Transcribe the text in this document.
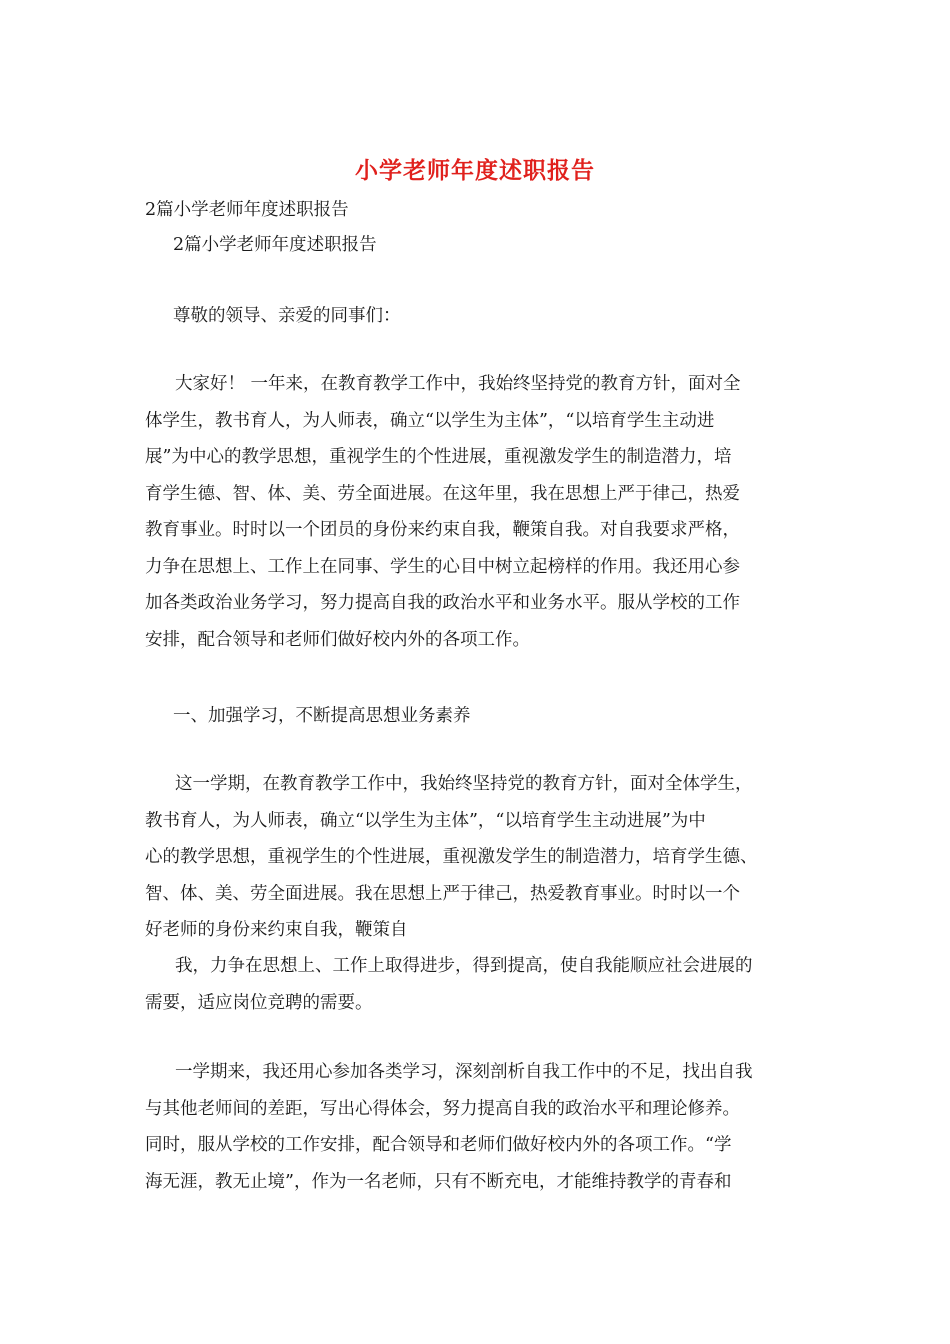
小学老师年度述职报告
2篇小学老师年度述职报告
2篇小学老师年度述职报告
尊敬的领导、亲爱的同事们：
大家好！ 一年来，在教育教学工作中，我始终坚持党的教育方针，面对全
体学生，教书育人，为人师表，确立“以学生为主体”，“以培育学生主动进
展”为中心的教学思想，重视学生的个性进展，重视激发学生的制造潜力，培
育学生德、智、体、美、劳全面进展。在这年里，我在思想上严于律己，热爱
教育事业。时时以一个团员的身份来约束自我，鞭策自我。对自我要求严格，
力争在思想上、工作上在同事、学生的心目中树立起榜样的作用。我还用心参
加各类政治业务学习，努力提高自我的政治水平和业务水平。服从学校的工作
安排，配合领导和老师们做好校内外的各项工作。
一、加强学习，不断提高思想业务素养
这一学期，在教育教学工作中，我始终坚持党的教育方针，面对全体学生，
教书育人，为人师表，确立“以学生为主体”，“以培育学生主动进展”为中
心的教学思想，重视学生的个性进展，重视激发学生的制造潜力，培育学生德、
智、体、美、劳全面进展。我在思想上严于律己，热爱教育事业。时时以一个
好老师的身份来约束自我，鞭策自
我，力争在思想上、工作上取得进步，得到提高，使自我能顺应社会进展的
需要，适应岗位竞聘的需要。
一学期来，我还用心参加各类学习，深刻剖析自我工作中的不足，找出自我
与其他老师间的差距，写出心得体会，努力提高自我的政治水平和理论修养。
同时，服从学校的工作安排，配合领导和老师们做好校内外的各项工作。“学
海无涯，教无止境”，作为一名老师，只有不断充电，才能维持教学的青春和
